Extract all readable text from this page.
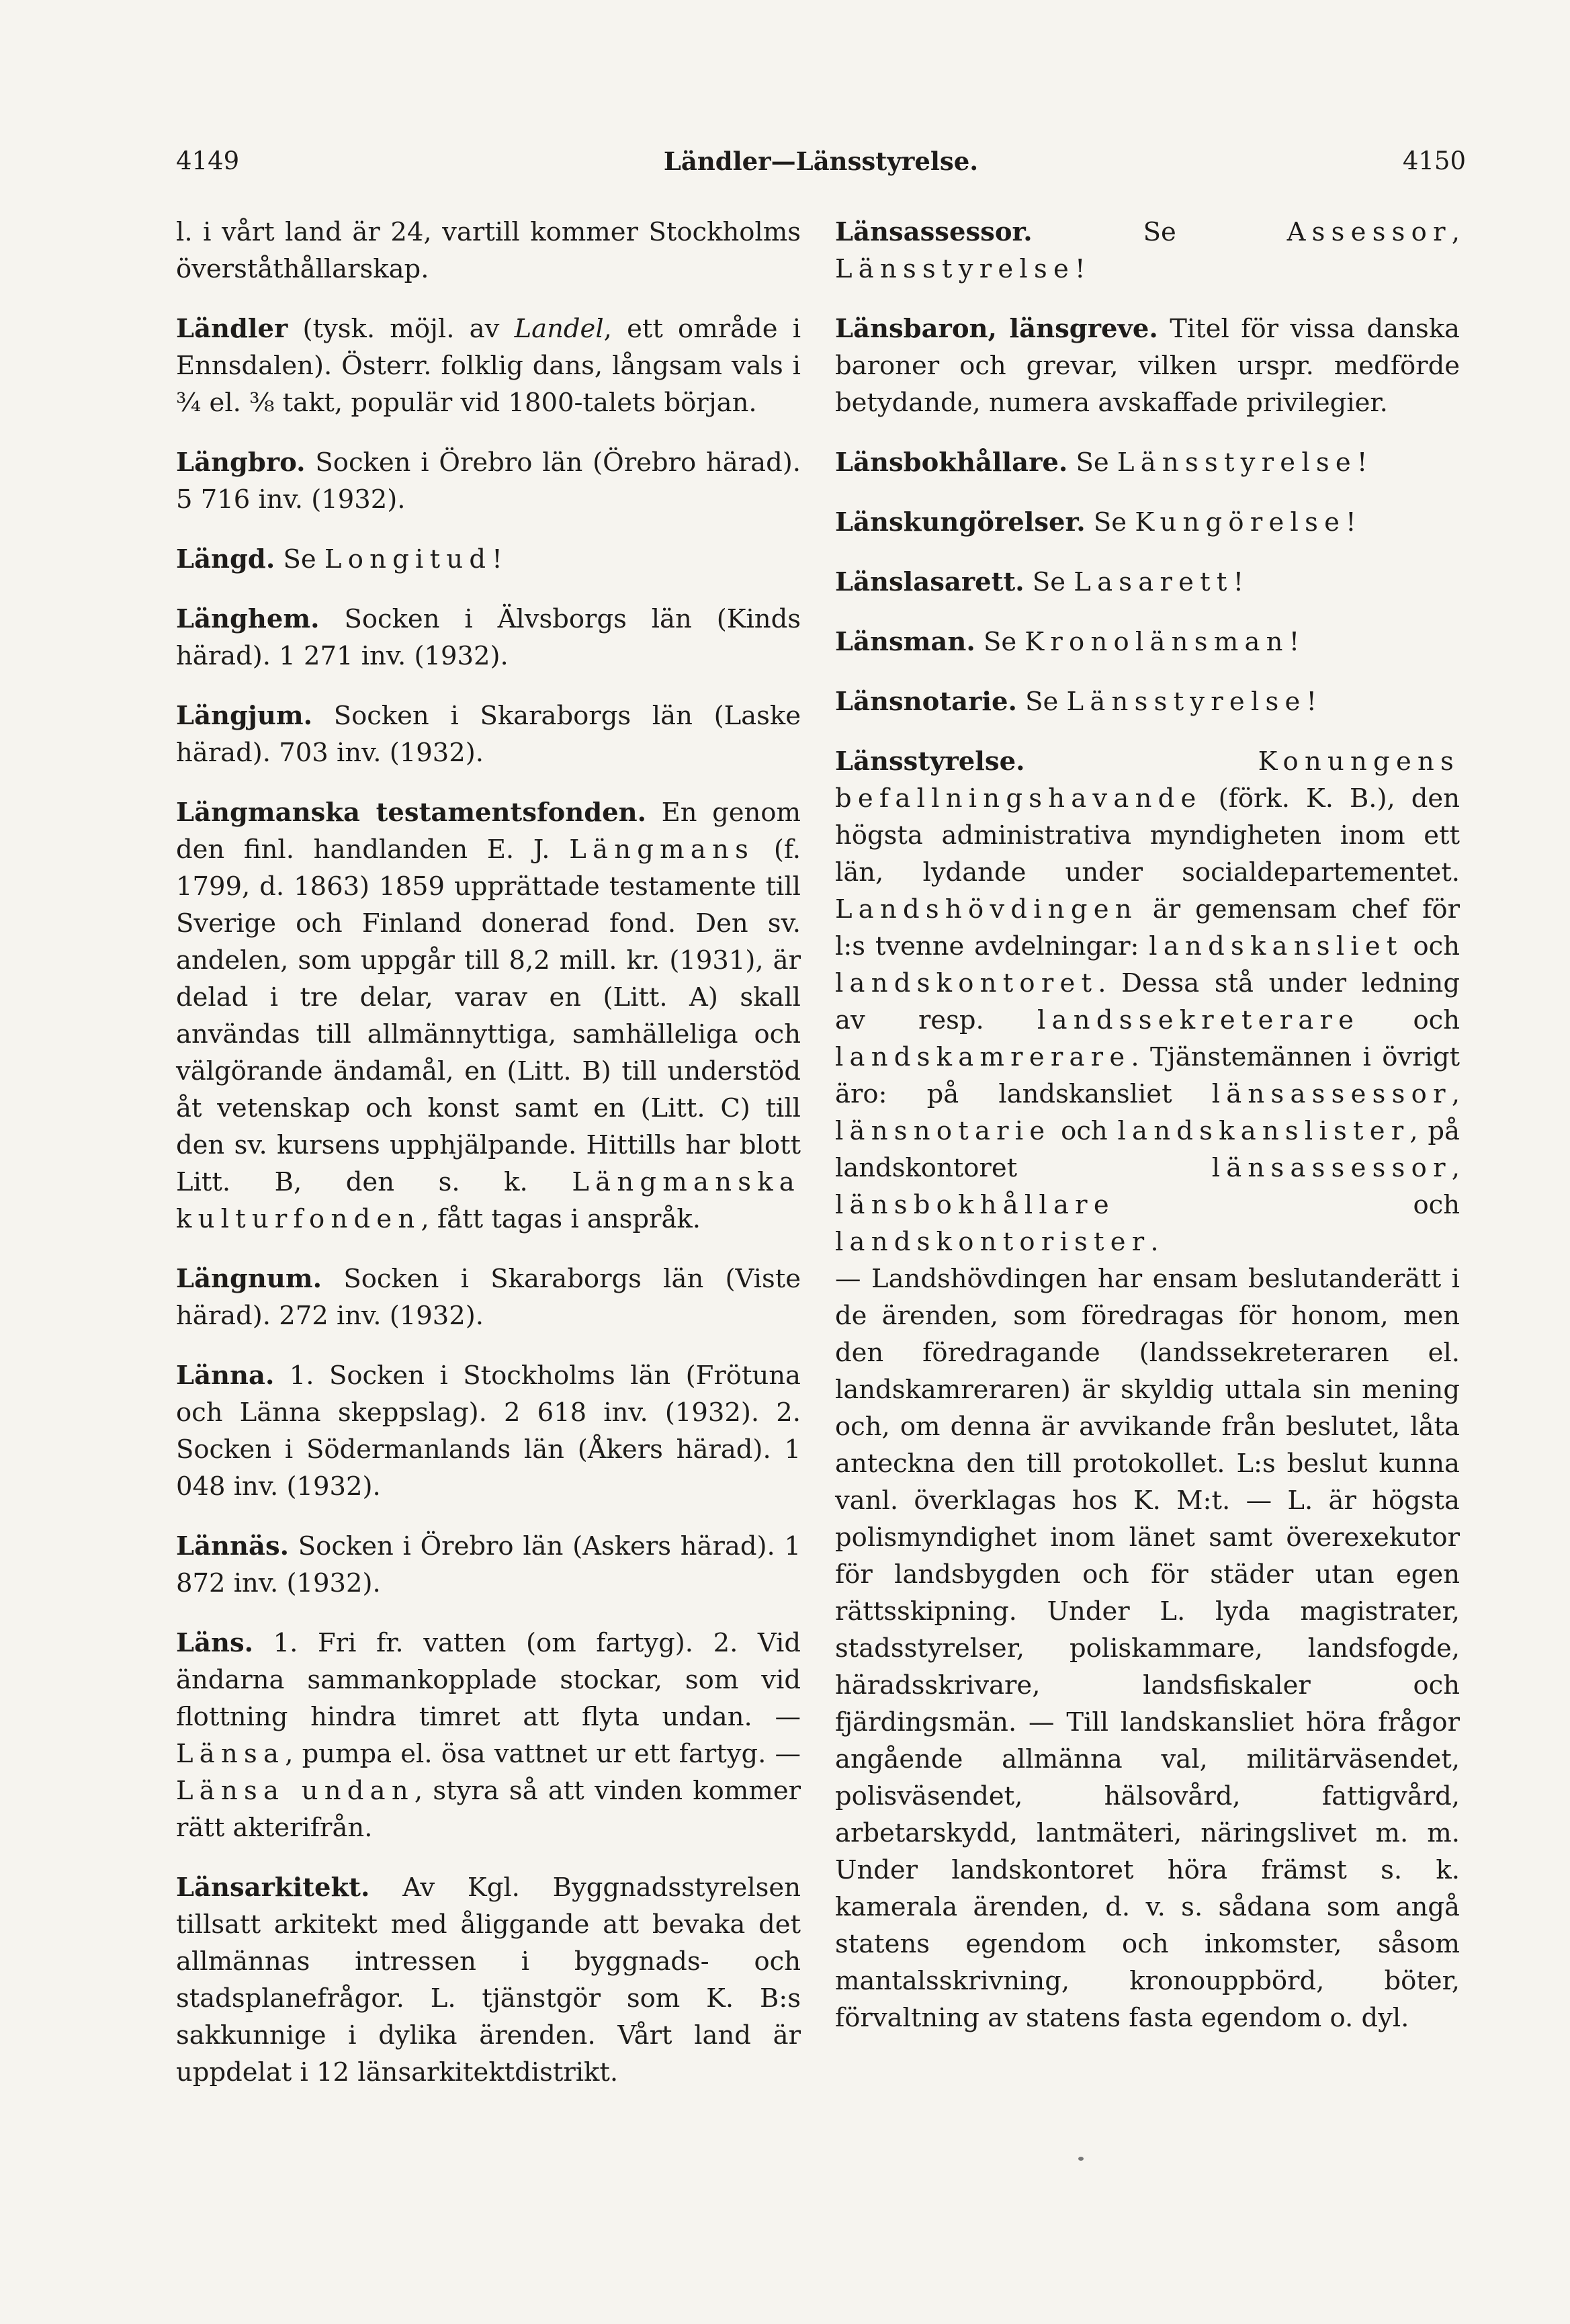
4149	Ländler—Länsstyrelse.	4150

l. i vårt land är 24, vartill kommer Stockholms överståthållarskap.

Ländler (tysk. möjl. av Landel, ett område i Ennsdalen). Österr. folklig dans, långsam vals i ¾ el. ⅜ takt, populär vid 1800-talets början.

Längbro. Socken i Örebro län (Örebro härad). 5 716 inv. (1932).

Längd. Se Longitud!

Länghem. Socken i Älvsborgs län (Kinds härad). 1 271 inv. (1932).

Längjum. Socken i Skaraborgs län (Laske härad). 703 inv. (1932).

Längmanska testamentsfonden. En genom den finl. handlanden E. J. Längmans (f. 1799, d. 1863) 1859 upprättade testamente till Sverige och Finland donerad fond. Den sv. andelen, som uppgår till 8,2 mill. kr. (1931), är delad i tre delar, varav en (Litt. A) skall användas till allmännyttiga, samhälleliga och välgörande ändamål, en (Litt. B) till understöd åt vetenskap och konst samt en (Litt. C) till den sv. kursens upphjälpande. Hittills har blott Litt. B, den s. k. Längmanska kulturfonden, fått tagas i anspråk.

Längnum. Socken i Skaraborgs län (Viste härad). 272 inv. (1932).

Länna. 1. Socken i Stockholms län (Frötuna och Länna skeppslag). 2 618 inv. (1932). 2. Socken i Södermanlands län (Åkers härad). 1 048 inv. (1932).

Lännäs. Socken i Örebro län (Askers härad). 1 872 inv. (1932).

Läns. 1. Fri fr. vatten (om fartyg). 2. Vid ändarna sammankopplade stockar, som vid flottning hindra timret att flyta undan. — Länsa, pumpa el. ösa vattnet ur ett fartyg. — Länsa undan, styra så att vinden kommer rätt akterifrån.

Länsarkitekt. Av Kgl. Byggnadsstyrelsen tillsatt arkitekt med åliggande att bevaka det allmännas intressen i byggnads- och stadsplanefrågor. L. tjänstgör som K. B:s sakkunnige i dylika ärenden. Vårt land är uppdelat i 12 länsarkitektdistrikt.

Länsassessor. Se Assessor, Länsstyrelse!

Länsbaron, länsgreve. Titel för vissa danska baroner och grevar, vilken urspr. medförde betydande, numera avskaffade privilegier.

Länsbokhållare. Se Länsstyrelse!

Länskungörelser. Se Kungörelse!

Länslasarett. Se Lasarett!

Länsman. Se Kronolänsman!

Länsnotarie. Se Länsstyrelse!

Länsstyrelse.	Konungens befallningshavande (förk. K. B.), den högsta administrativa myndigheten inom ett län, lydande under socialdepartementet. Landshövdingen är gemensam chef för l:s tvenne avdelningar: landskansliet och landskontoret. Dessa stå under ledning av resp. landssekreterare och landskamrerare. Tjänstemännen i övrigt äro: på landskansliet länsassessor, länsnotarie och landskanslister, på landskontoret länsassessor, länsbokhållare och landskontorister.

— Landshövdingen har ensam beslutanderätt i de ärenden, som föredragas för honom, men den föredragande (landssekreteraren el. landskamreraren) är skyldig uttala sin mening och, om denna är avvikande från beslutet, låta anteckna den till protokollet. L:s beslut kunna vanl. överklagas hos K. M:t. — L. är högsta polismyndighet inom länet samt överexekutor för landsbygden och för städer utan egen rättsskipning. Under L. lyda magistrater, stadsstyrelser, poliskammare, landsfogde, häradsskrivare, landsfiskaler och fjärdingsmän. — Till landskansliet höra frågor angående allmänna val, militärväsendet, polisväsendet, hälsovård, fattigvård, arbetarskydd, lantmäteri, näringslivet m. m. Under landskontoret höra främst s. k. kamerala ärenden, d. v. s. sådana som angå statens egendom och inkomster, såsom mantalsskrivning, kronouppbörd, böter, förvaltning av statens fasta egendom o. dyl.
